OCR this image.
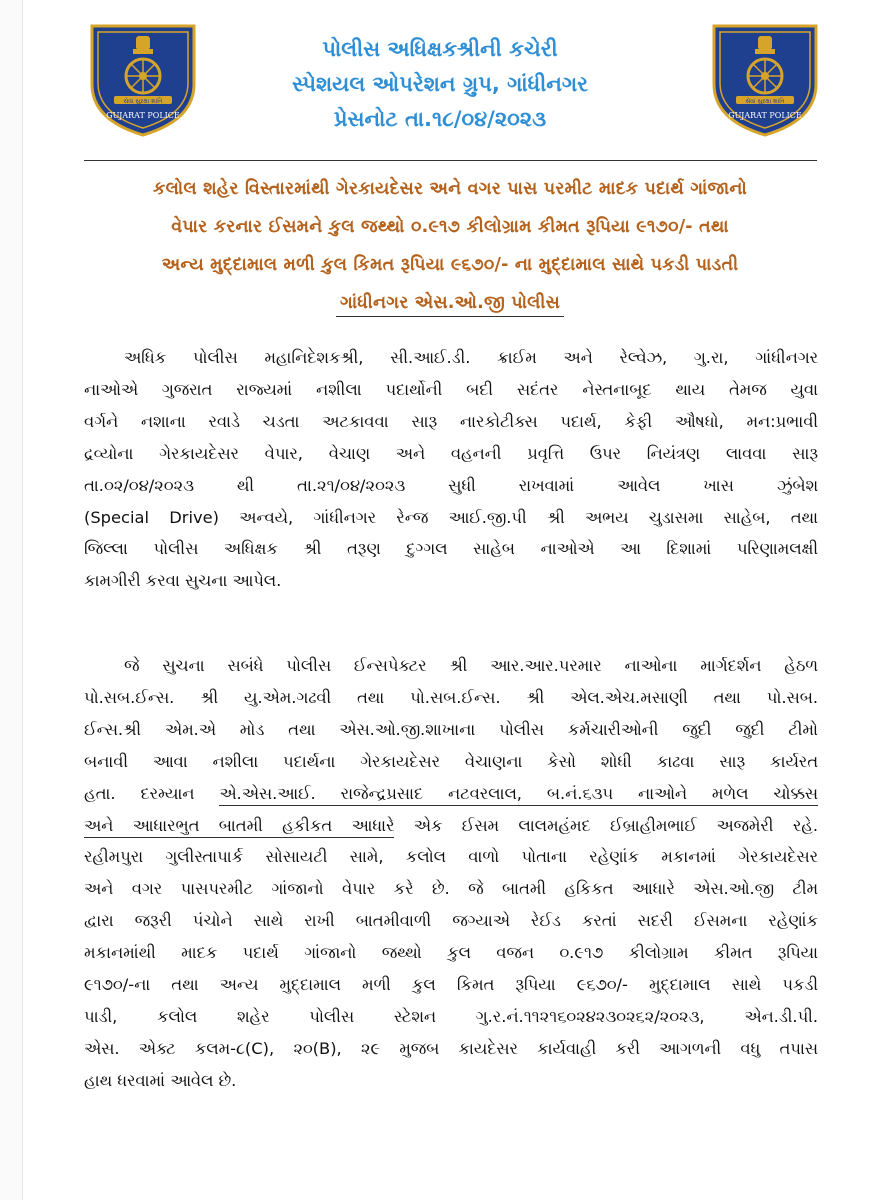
સેવા સુરક્ષા શાંતિ
GUJARAT POLICE
સેવા સુરક્ષા શાંતિ
GUJARAT POLICE
પોલીસ અધિક્ષકશ્રીની કચેરી
સ્પેશયલ ઓપરેશન ગ્રુપ, ગાંધીનગર
પ્રેસનોટ તા.૧૮/૦૪/૨૦૨૩
કલોલ શહેર વિસ્તારમાંથી ગેરકાયદેસર અને વગર પાસ પરમીટ માદક પદાર્થ ગાંજાનો
વેપાર કરનાર ઈસમને કુલ જથ્થો ૦.૯૧૭ કીલોગ્રામ કીમત રૂપિયા ૯૧૭૦/- તથા
અન્ય મુદ્દામાલ મળી કુલ કિમત રૂપિયા ૯૬૭૦/- ના મુદ્દામાલ સાથે પકડી પાડતી
ગાંધીનગર એસ.ઓ.જી પોલીસ
અધિક પોલીસ મહાનિદેશકશ્રી, સી.આઈ.ડી. ક્રાઈમ અને રેલ્વેઝ, ગુ.રા, ગાંધીનગર
નાઓએ ગુજરાત રાજ્યમાં નશીલા પદાર્થોની બદી સદંતર નેસ્તનાબૂદ થાય તેમજ યુવા
વર્ગને નશાના રવાડે ચડતા અટકાવવા સારૂ નારકોટીક્સ પદાર્થ, કેફી ઔષધો, મન:પ્રભાવી
દ્રવ્યોના ગેરકાયદેસર વેપાર, વેચાણ અને વહનની પ્રવૃત્તિ ઉપર નિયંત્રણ લાવવા સારૂ
તા.૦૨/૦૪/૨૦૨૩ થી તા.૨૧/૦૪/૨૦૨૩ સુધી રાખવામાં આવેલ ખાસ ઝુંબેશ
(Special Drive) અન્વયે, ગાંધીનગર રેન્જ આઈ.જી.પી શ્રી અભય ચુડાસમા સાહેબ, તથા
જિલ્લા પોલીસ અધિક્ષક શ્રી તરૂણ દુગ્ગલ સાહેબ નાઓએ આ દિશામાં પરિણામલક્ષી
કામગીરી કરવા સુચના આપેલ.
જે સુચના સબંધે પોલીસ ઈન્સપેક્ટર શ્રી આર.આર.પરમાર નાઓના માર્ગદર્શન હેઠળ
પો.સબ.ઈન્સ. શ્રી યુ.એમ.ગઢવી તથા પો.સબ.ઈન્સ. શ્રી એલ.એચ.મસાણી તથા પો.સબ.
ઈન્સ.શ્રી એમ.એ મોડ તથા એસ.ઓ.જી.શાખાના પોલીસ કર્મચારીઓની જુદી જુદી ટીમો
બનાવી આવા નશીલા પદાર્થના ગેરકાયદેસર વેચાણના કેસો શોધી કાઢવા સારૂ કાર્યરત
હતા. દરમ્યાન એ.એસ.આઈ. રાજેન્દ્રપ્રસાદ નટવરલાલ, બ.નં.૬૩૫ નાઓને મળેલ ચોક્કસ
અને આધારભુત બાતમી હકીકત આધારે એક ઈસમ લાલમહંમદ ઈબ્રાહીમભાઈ અજમેરી રહે.
રહીમપુરા ગુલીસ્તાપાર્ક સોસાયટી સામે, કલોલ વાળો પોતાના રહેણાંક મકાનમાં ગેરકાયદેસર
અને વગર પાસપરમીટ ગાંજાનો વેપાર કરે છે. જે બાતમી હકિકત આધારે એસ.ઓ.જી ટીમ
દ્વારા જરૂરી પંચોને સાથે રાખી બાતમીવાળી જગ્યાએ રેઈડ કરતાં સદરી ઈસમના રહેણાંક
મકાનમાંથી માદક પદાર્થ ગાંજાનો જથ્થો કુલ વજન ૦.૯૧૭ કીલોગ્રામ કીમત રૂપિયા
૯૧૭૦/-ના તથા અન્ય મુદ્દામાલ મળી કુલ કિમત રૂપિયા ૯૬૭૦/- મુદ્દામાલ સાથે પકડી
પાડી, કલોલ શહેર પોલીસ સ્ટેશન ગુ.ર.નં.૧૧૨૧૬૦૨૪૨૩૦૨૬૨/૨૦૨૩, એન.ડી.પી.
એસ. એક્ટ કલમ-૮(C), ૨૦(B), ૨૯ મુજબ કાયદેસર કાર્યવાહી કરી આગળની વધુ તપાસ
હાથ ધરવામાં આવેલ છે.
